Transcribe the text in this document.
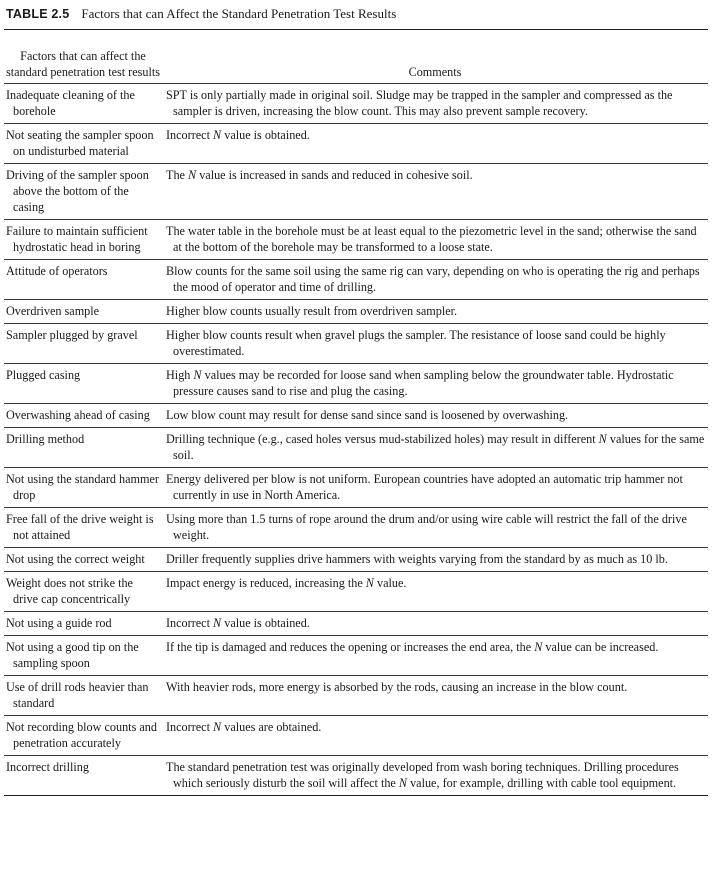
TABLE 2.5 Factors that can Affect the Standard Penetration Test Results
Factors that can affect the standard penetration test results	Comments

Inadequate cleaning of the borehole	SPT is only partially made in original soil. Sludge may be trapped in the sampler and compressed as the sampler is driven, increasing the blow count. This may also prevent sample recovery.

Not seating the sampler spoon on undisturbed material	Incorrect N value is obtained.

Driving of the sampler spoon above the bottom of the casing	The N value is increased in sands and reduced in cohesive soil.

Failure to maintain sufficient hydrostatic head in boring	The water table in the borehole must be at least equal to the piezometric level in the sand; otherwise the sand at the bottom of the borehole may be transformed to a loose state.

Attitude of operators	Blow counts for the same soil using the same rig can vary, depending on who is operating the rig and perhaps the mood of operator and time of drilling.

Overdriven sample	Higher blow counts usually result from overdriven sampler.

Sampler plugged by gravel	Higher blow counts result when gravel plugs the sampler. The resistance of loose sand could be highly overestimated.

Plugged casing	High N values may be recorded for loose sand when sampling below the groundwater table. Hydrostatic pressure causes sand to rise and plug the casing.

Overwashing ahead of casing	Low blow count may result for dense sand since sand is loosened by overwashing.

Drilling method	Drilling technique (e.g., cased holes versus mud-stabilized holes) may result in different N values for the same soil.

Not using the standard hammer drop	Energy delivered per blow is not uniform. European countries have adopted an automatic trip hammer not currently in use in North America.

Free fall of the drive weight is not attained	Using more than 1.5 turns of rope around the drum and/or using wire cable will restrict the fall of the drive weight.

Not using the correct weight	Driller frequently supplies drive hammers with weights varying from the standard by as much as 10 lb.

Weight does not strike the drive cap concentrically	Impact energy is reduced, increasing the N value.

Not using a guide rod	Incorrect N value is obtained.

Not using a good tip on the sampling spoon	If the tip is damaged and reduces the opening or increases the end area, the N value can be increased.

Use of drill rods heavier than standard	With heavier rods, more energy is absorbed by the rods, causing an increase in the blow count.

Not recording blow counts and penetration accurately	Incorrect N values are obtained.

Incorrect drilling	The standard penetration test was originally developed from wash boring techniques. Drilling procedures which seriously disturb the soil will affect the N value, for example, drilling with cable tool equipment.
